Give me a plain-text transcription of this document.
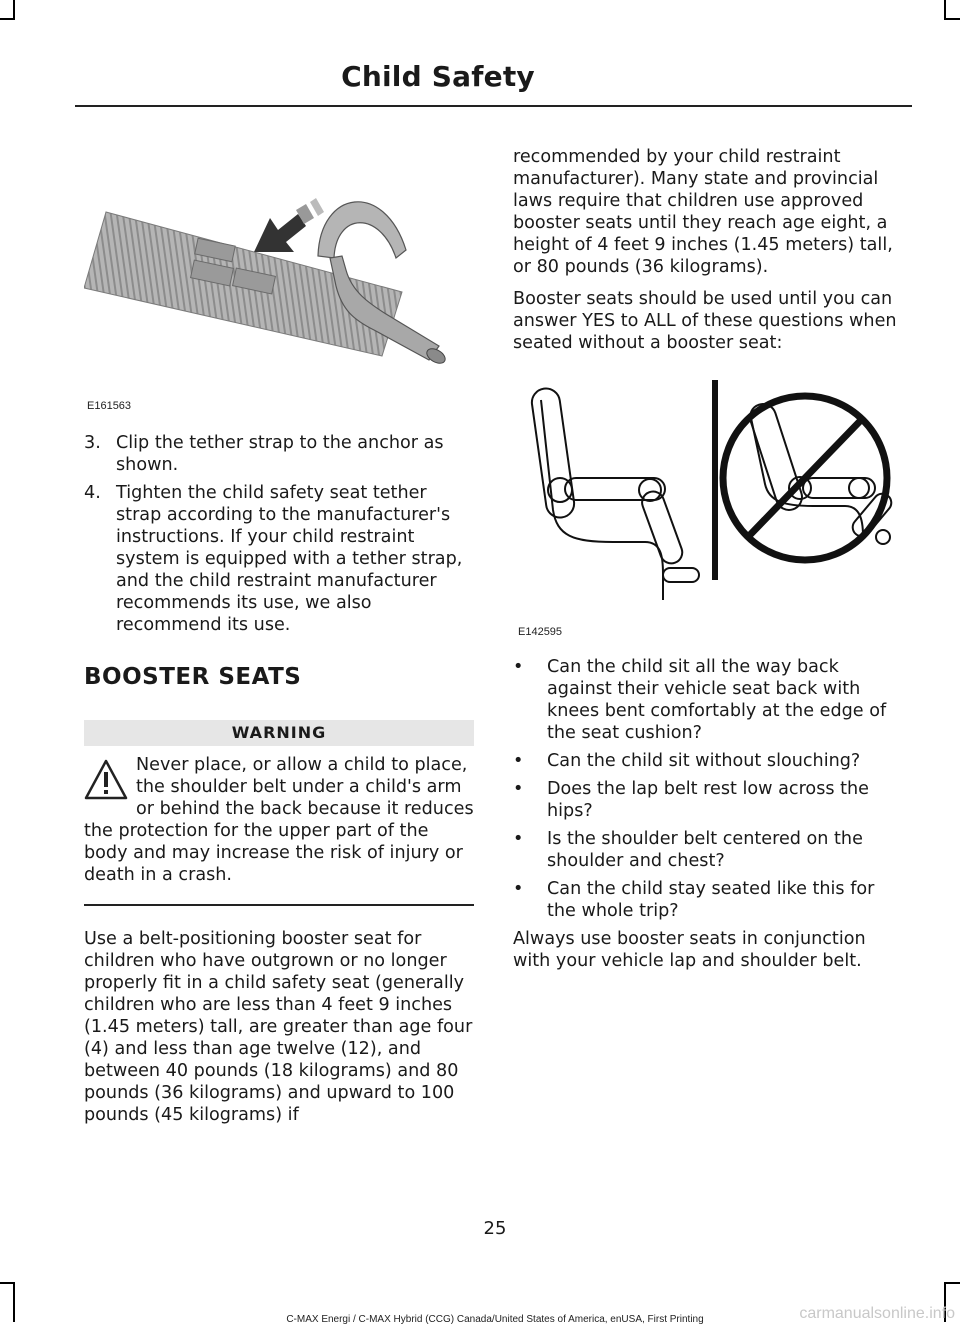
Child Safety
E161563
3. Clip the tether strap to the anchor as shown.
4. Tighten the child safety seat tether strap according to the manufacturer's instructions. If your child restraint system is equipped with a tether strap, and the child restraint manufacturer recommends its use, we also recommend its use.
BOOSTER SEATS
WARNING
Never place, or allow a child to place, the shoulder belt under a child's arm or behind the back because it reduces the protection for the upper part of the body and may increase the risk of injury or death in a crash.

Use a belt-positioning booster seat for children who have outgrown or no longer properly fit in a child safety seat (generally children who are less than 4 feet 9 inches (1.45 meters) tall, are greater than age four (4) and less than age twelve (12), and between 40 pounds (18 kilograms) and 80 pounds (36 kilograms) and upward to 100 pounds (45 kilograms) if

recommended by your child restraint manufacturer). Many state and provincial laws require that children use approved booster seats until they reach age eight, a height of 4 feet 9 inches (1.45 meters) tall, or 80 pounds (36 kilograms).

Booster seats should be used until you can answer YES to ALL of these questions when seated without a booster seat:

E142595
• Can the child sit all the way back against their vehicle seat back with knees bent comfortably at the edge of the seat cushion?
• Can the child sit without slouching?
• Does the lap belt rest low across the hips?
• Is the shoulder belt centered on the shoulder and chest?
• Can the child stay seated like this for the whole trip?

Always use booster seats in conjunction with your vehicle lap and shoulder belt.

25
C-MAX Energi / C-MAX Hybrid (CCG) Canada/United States of America, enUSA, First Printing	carmanualsonline.info
